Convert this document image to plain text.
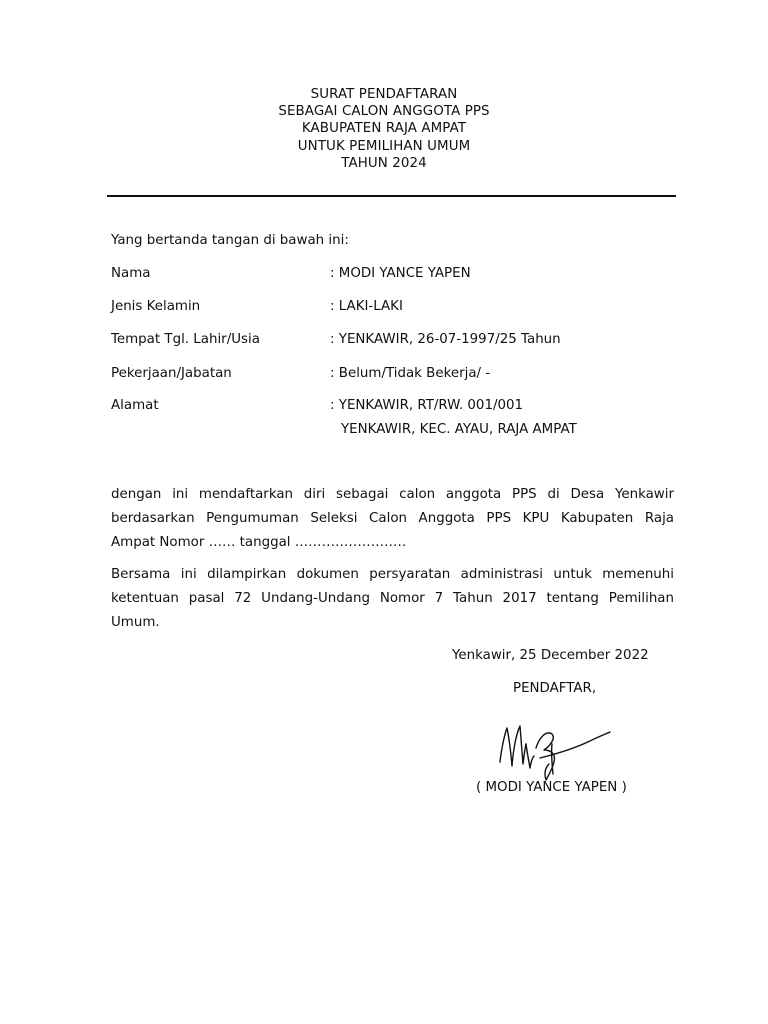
SURAT PENDAFTARAN
SEBAGAI CALON ANGGOTA PPS
KABUPATEN RAJA AMPAT
UNTUK PEMILIHAN UMUM
TAHUN 2024
Yang bertanda tangan di bawah ini:
Nama	: MODI YANCE YAPEN
Jenis Kelamin	: LAKI-LAKI
Tempat Tgl. Lahir/Usia	: YENKAWIR, 26-07-1997/25 Tahun
Pekerjaan/Jabatan	: Belum/Tidak Bekerja/ -
Alamat	: YENKAWIR, RT/RW. 001/001
YENKAWIR, KEC. AYAU, RAJA AMPAT
dengan ini mendaftarkan diri sebagai calon anggota PPS di Desa Yenkawir
berdasarkan Pengumuman Seleksi Calon Anggota PPS KPU Kabupaten Raja
Ampat Nomor …… tanggal …………………….
Bersama ini dilampirkan dokumen persyaratan administrasi untuk memenuhi
ketentuan pasal 72 Undang-Undang Nomor 7 Tahun 2017 tentang Pemilihan
Umum.
Yenkawir, 25 December 2022
PENDAFTAR,
( MODI YANCE YAPEN )
